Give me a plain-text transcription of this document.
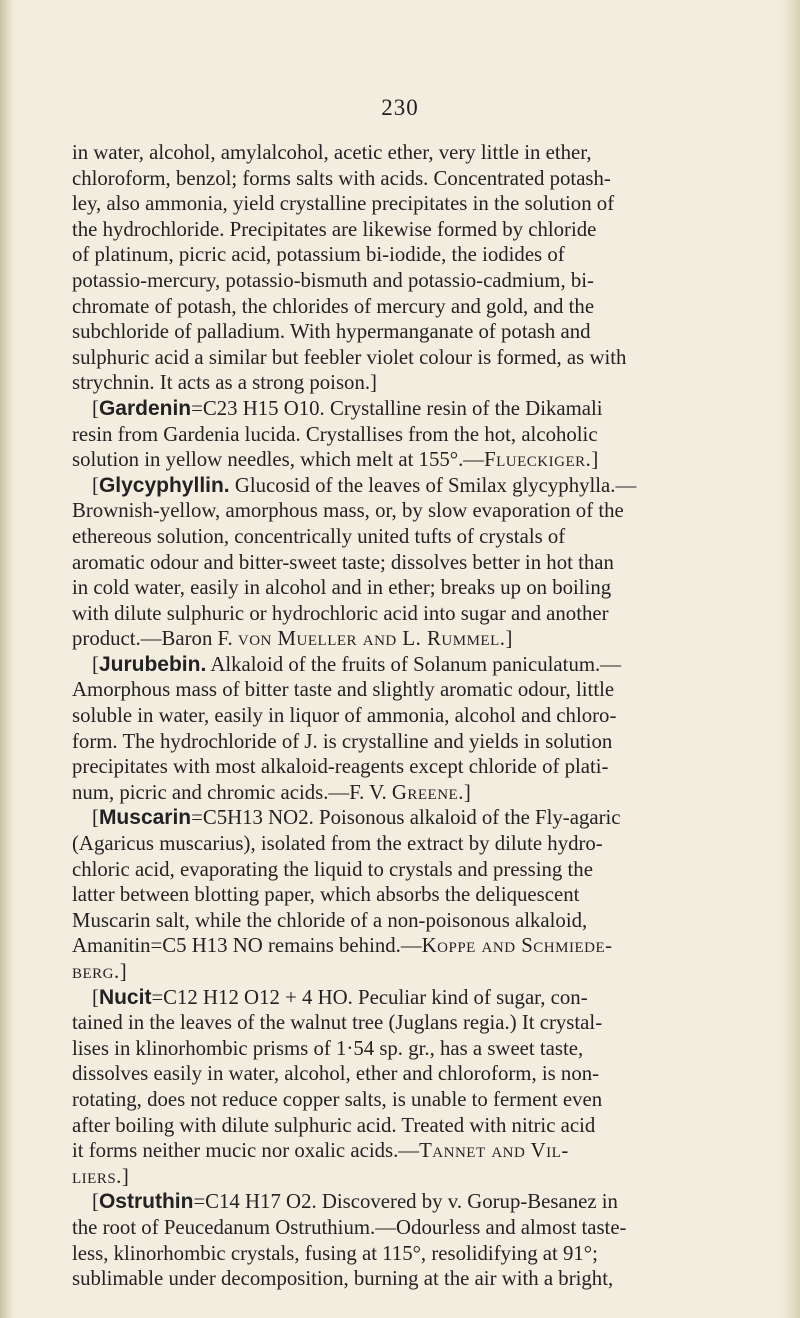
230
in water, alcohol, amylalcohol, acetic ether, very little in ether,
chloroform, benzol; forms salts with acids. Concentrated potash-
ley, also ammonia, yield crystalline precipitates in the solution of
the hydrochloride. Precipitates are likewise formed by chloride
of platinum, picric acid, potassium bi-iodide, the iodides of
potassio-mercury, potassio-bismuth and potassio-cadmium, bi-
chromate of potash, the chlorides of mercury and gold, and the
subchloride of palladium. With hypermanganate of potash and
sulphuric acid a similar but feebler violet colour is formed, as with
strychnin. It acts as a strong poison.]
[Gardenin=C23 H15 O10. Crystalline resin of the Dikamali
resin from Gardenia lucida. Crystallises from the hot, alcoholic
solution in yellow needles, which melt at 155°.—Flueckiger.]
[Glycyphyllin. Glucosid of the leaves of Smilax glycyphylla.—
Brownish-yellow, amorphous mass, or, by slow evaporation of the
ethereous solution, concentrically united tufts of crystals of
aromatic odour and bitter-sweet taste; dissolves better in hot than
in cold water, easily in alcohol and in ether; breaks up on boiling
with dilute sulphuric or hydrochloric acid into sugar and another
product.—Baron F. von Mueller and L. Rummel.]
[Jurubebin. Alkaloid of the fruits of Solanum paniculatum.—
Amorphous mass of bitter taste and slightly aromatic odour, little
soluble in water, easily in liquor of ammonia, alcohol and chloro-
form. The hydrochloride of J. is crystalline and yields in solution
precipitates with most alkaloid-reagents except chloride of plati-
num, picric and chromic acids.—F. V. Greene.]
[Muscarin=C5H13 NO2. Poisonous alkaloid of the Fly-agaric
(Agaricus muscarius), isolated from the extract by dilute hydro-
chloric acid, evaporating the liquid to crystals and pressing the
latter between blotting paper, which absorbs the deliquescent
Muscarin salt, while the chloride of a non-poisonous alkaloid,
Amanitin=C5 H13 NO remains behind.—Koppe and Schmiede-
berg.]
[Nucit=C12 H12 O12 + 4 HO. Peculiar kind of sugar, con-
tained in the leaves of the walnut tree (Juglans regia.) It crystal-
lises in klinorhombic prisms of 1·54 sp. gr., has a sweet taste,
dissolves easily in water, alcohol, ether and chloroform, is non-
rotating, does not reduce copper salts, is unable to ferment even
after boiling with dilute sulphuric acid. Treated with nitric acid
it forms neither mucic nor oxalic acids.—Tannet and Vil-
liers.]
[Ostruthin=C14 H17 O2. Discovered by v. Gorup-Besanez in
the root of Peucedanum Ostruthium.—Odourless and almost taste-
less, klinorhombic crystals, fusing at 115°, resolidifying at 91°;
sublimable under decomposition, burning at the air with a bright,
